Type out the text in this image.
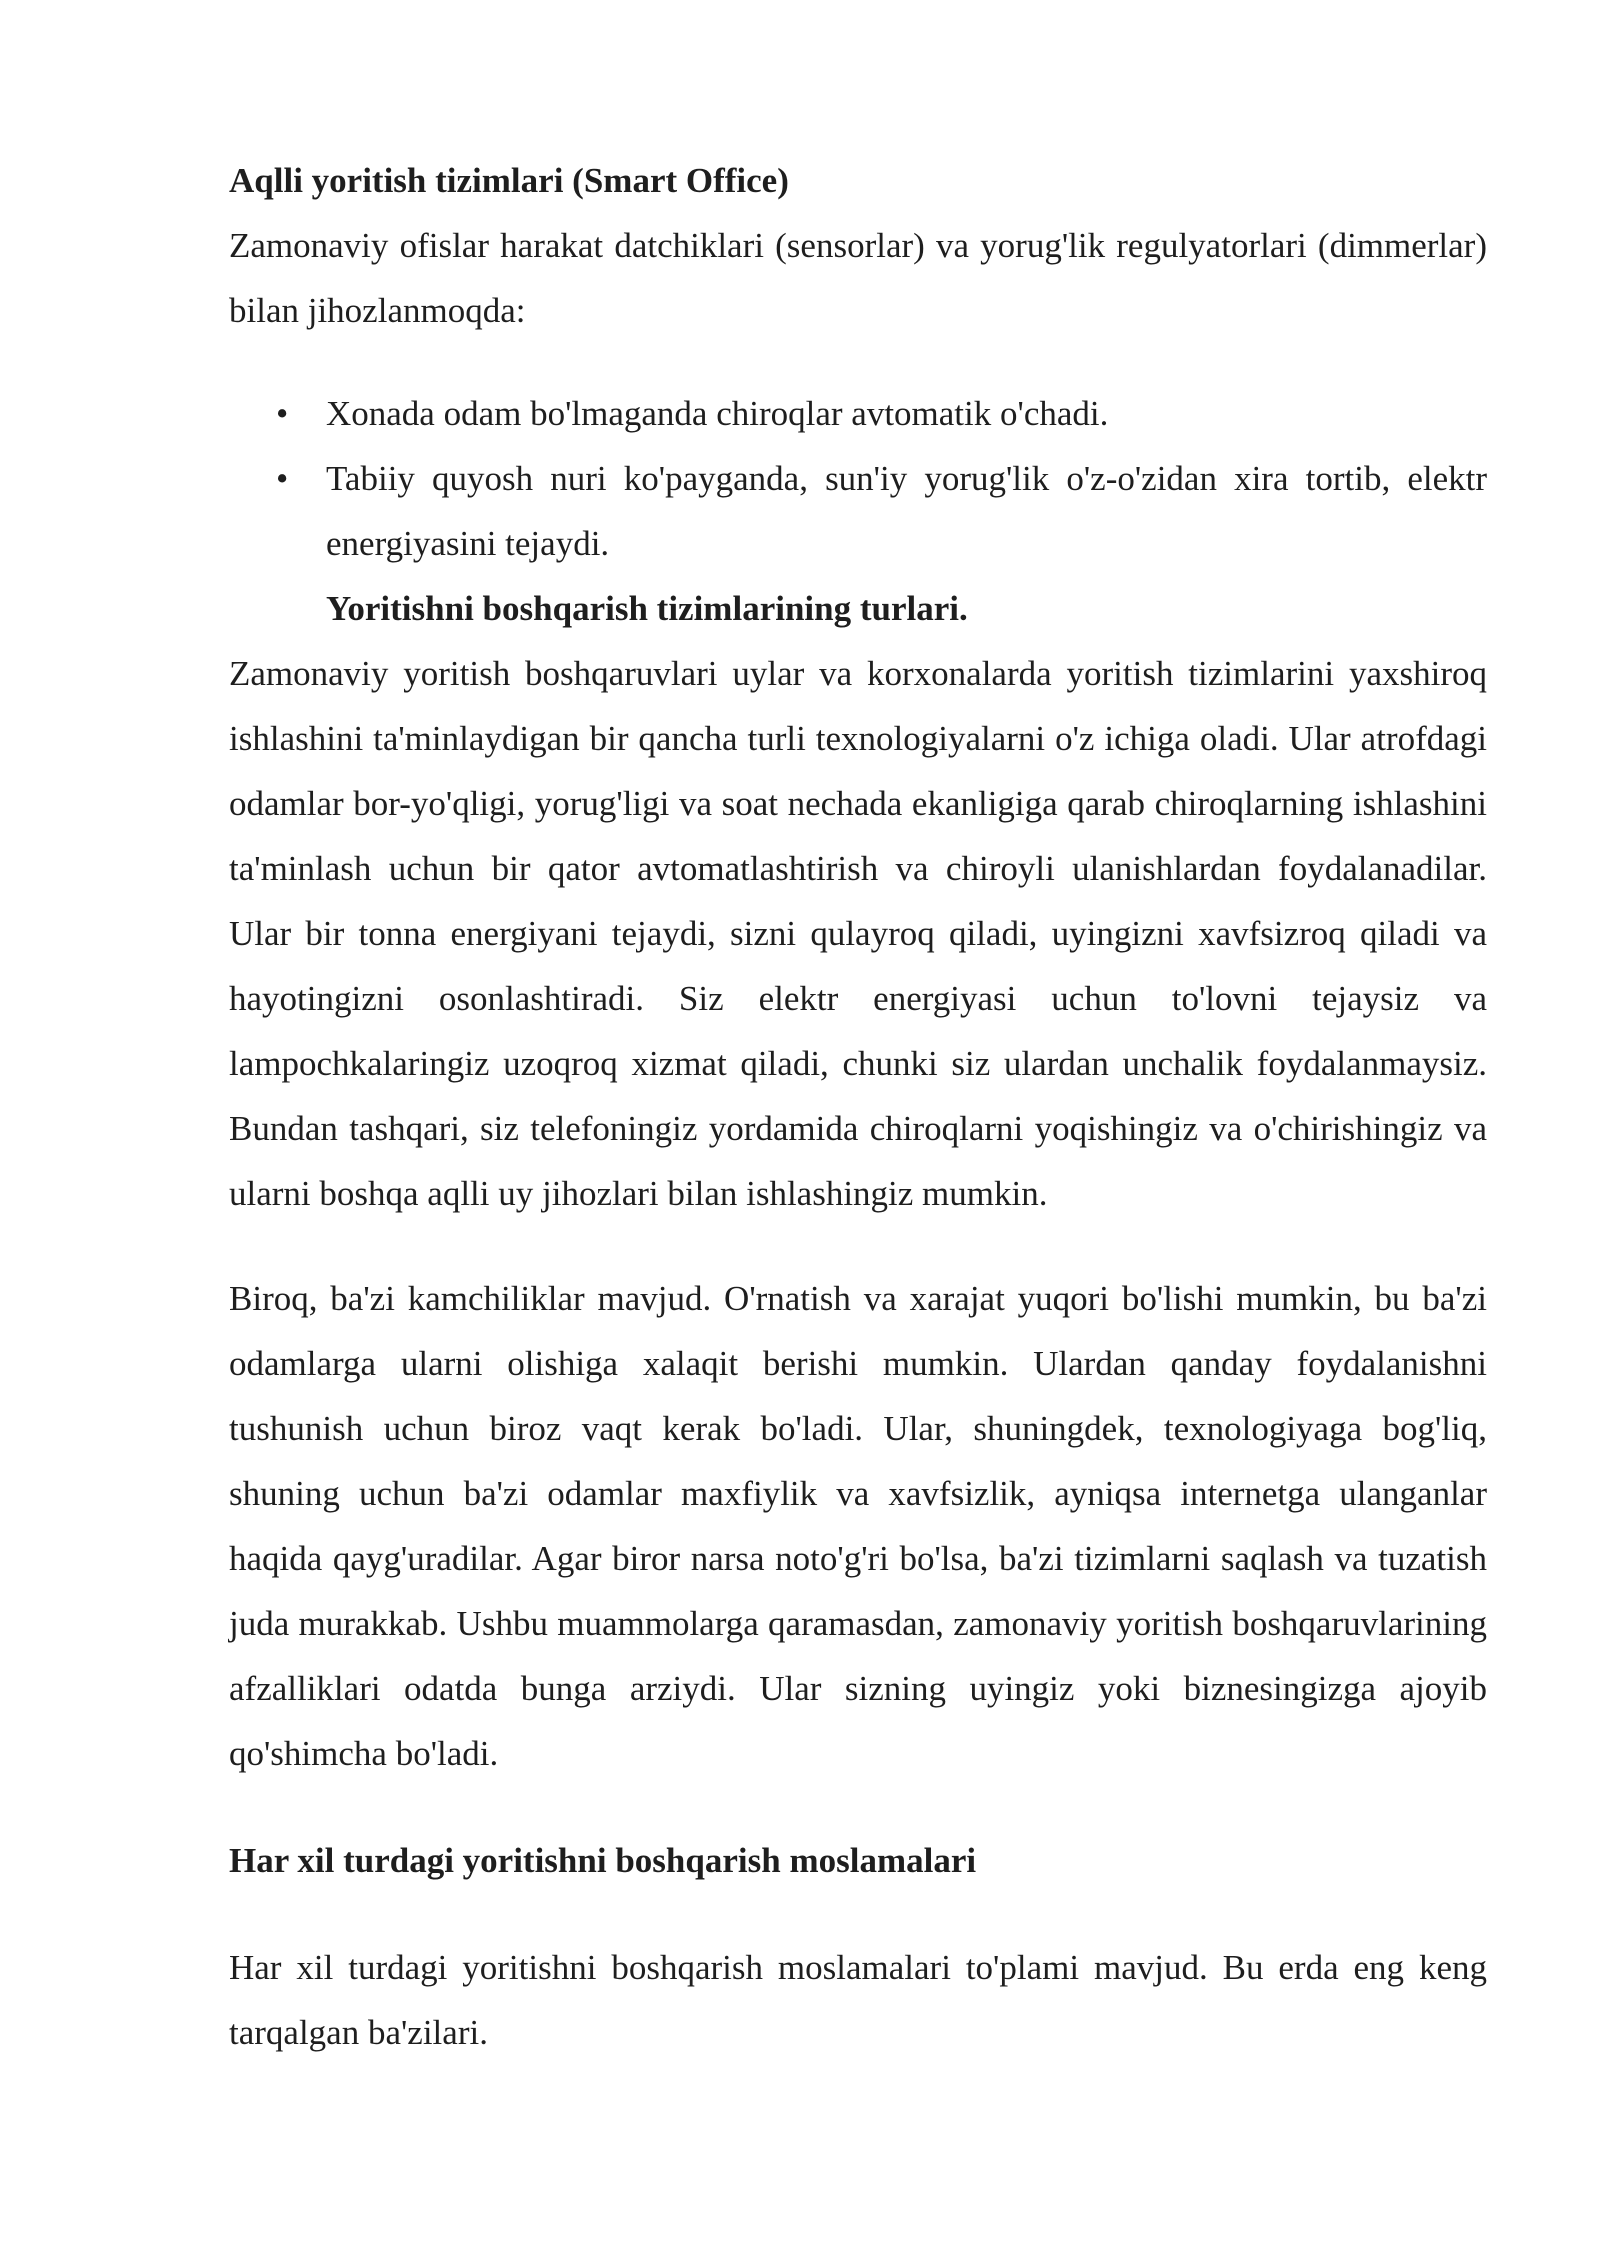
Aqlli yoritish tizimlari (Smart Office)

Zamonaviy ofislar harakat datchiklari (sensorlar) va yorug'lik regulyatorlari (dimmerlar) bilan jihozlanmoqda:

• Xonada odam bo'lmaganda chiroqlar avtomatik o'chadi.
• Tabiiy quyosh nuri ko'payganda, sun'iy yorug'lik o'z-o'zidan xira tortib, elektr energiyasini tejaydi.

Yoritishni boshqarish tizimlarining turlari.

Zamonaviy yoritish boshqaruvlari uylar va korxonalarda yoritish tizimlarini yaxshiroq ishlashini ta'minlaydigan bir qancha turli texnologiyalarni o'z ichiga oladi. Ular atrofdagi odamlar bor-yo'qligi, yorug'ligi va soat nechada ekanligiga qarab chiroqlarning ishlashini ta'minlash uchun bir qator avtomatlashtirish va chiroyli ulanishlardan foydalanadilar. Ular bir tonna energiyani tejaydi, sizni qulayroq qiladi, uyingizni xavfsizroq qiladi va hayotingizni osonlashtiradi. Siz elektr energiyasi uchun to'lovni tejaysiz va lampochkalaringiz uzoqroq xizmat qiladi, chunki siz ulardan unchalik foydalanmaysiz. Bundan tashqari, siz telefoningiz yordamida chiroqlarni yoqishingiz va o'chirishingiz va ularni boshqa aqlli uy jihozlari bilan ishlashingiz mumkin.

Biroq, ba'zi kamchiliklar mavjud. O'rnatish va xarajat yuqori bo'lishi mumkin, bu ba'zi odamlarga ularni olishiga xalaqit berishi mumkin. Ulardan qanday foydalanishni tushunish uchun biroz vaqt kerak bo'ladi. Ular, shuningdek, texnologiyaga bog'liq, shuning uchun ba'zi odamlar maxfiylik va xavfsizlik, ayniqsa internetga ulanganlar haqida qayg'uradilar. Agar biror narsa noto'g'ri bo'lsa, ba'zi tizimlarni saqlash va tuzatish juda murakkab. Ushbu muammolarga qaramasdan, zamonaviy yoritish boshqaruvlarining afzalliklari odatda bunga arziydi. Ular sizning uyingiz yoki biznesingizga ajoyib qo'shimcha bo'ladi.

Har xil turdagi yoritishni boshqarish moslamalari

Har xil turdagi yoritishni boshqarish moslamalari to'plami mavjud. Bu erda eng keng tarqalgan ba'zilari.
